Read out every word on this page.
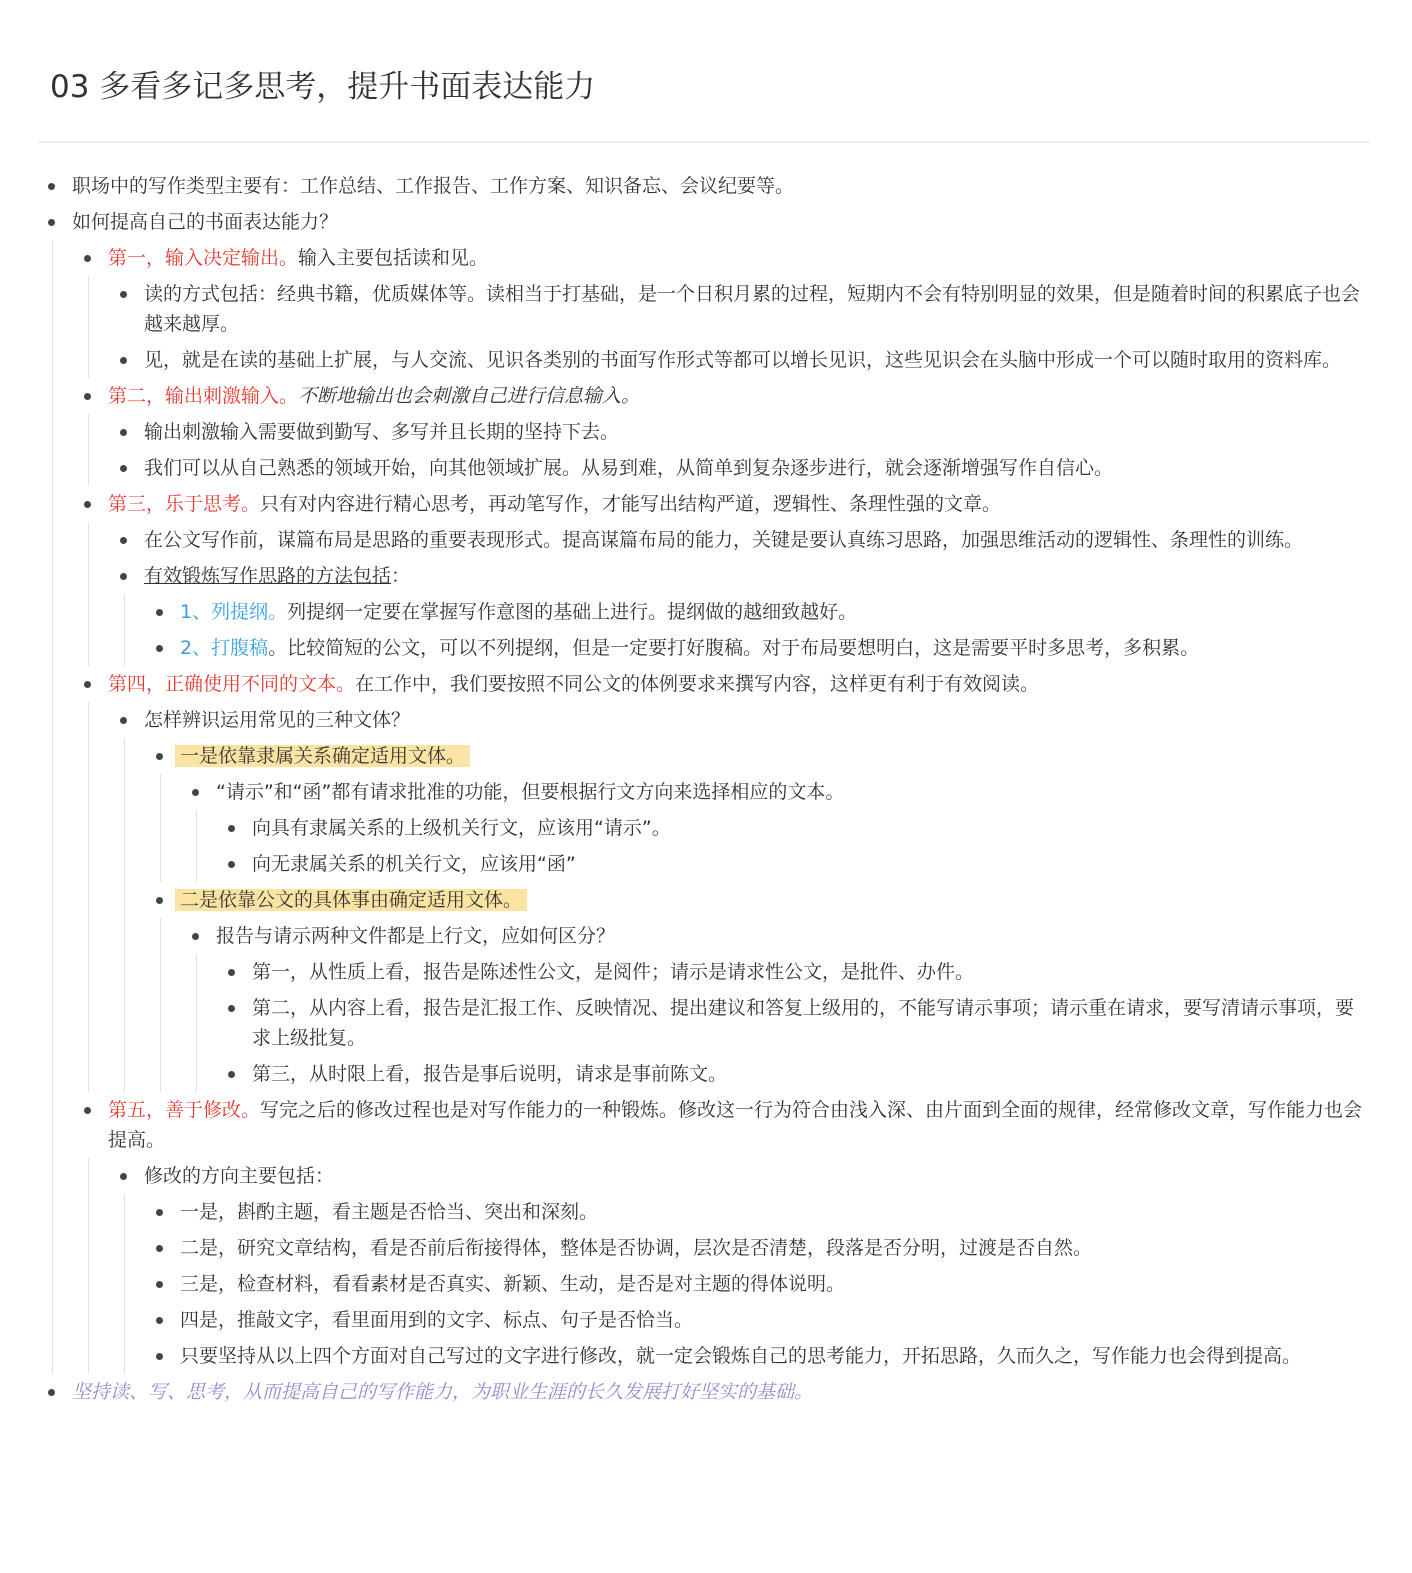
03 多看多记多思考，提升书面表达能力
职场中的写作类型主要有：工作总结、工作报告、工作方案、知识备忘、会议纪要等。
如何提高自己的书面表达能力？
第一，输入决定输出。输入主要包括读和见。
读的方式包括：经典书籍，优质媒体等。读相当于打基础，是一个日积月累的过程，短期内不会有特别明显的效果，但是随着时间的积累底子也会越来越厚。
见，就是在读的基础上扩展，与人交流、见识各类别的书面写作形式等都可以增长见识，这些见识会在头脑中形成一个可以随时取用的资料库。
第二，输出刺激输入。不断地输出也会刺激自己进行信息输入。
输出刺激输入需要做到勤写、多写并且长期的坚持下去。
我们可以从自己熟悉的领域开始，向其他领域扩展。从易到难，从简单到复杂逐步进行，就会逐渐增强写作自信心。
第三，乐于思考。只有对内容进行精心思考，再动笔写作，才能写出结构严道，逻辑性、条理性强的文章。
在公文写作前，谋篇布局是思路的重要表现形式。提高谋篇布局的能力，关键是要认真练习思路，加强思维活动的逻辑性、条理性的训练。
有效锻炼写作思路的方法包括：
1、列提纲。列提纲一定要在掌握写作意图的基础上进行。提纲做的越细致越好。
2、打腹稿。比较简短的公文，可以不列提纲，但是一定要打好腹稿。对于布局要想明白，这是需要平时多思考，多积累。
第四，正确使用不同的文本。在工作中，我们要按照不同公文的体例要求来撰写内容，这样更有利于有效阅读。
怎样辨识运用常见的三种文体？
一是依靠隶属关系确定适用文体。
“请示”和“函”都有请求批准的功能，但要根据行文方向来选择相应的文本。
向具有隶属关系的上级机关行文，应该用“请示”。
向无隶属关系的机关行文，应该用“函”
二是依靠公文的具体事由确定适用文体。
报告与请示两种文件都是上行文，应如何区分？
第一，从性质上看，报告是陈述性公文，是阅件；请示是请求性公文，是批件、办件。
第二，从内容上看，报告是汇报工作、反映情况、提出建议和答复上级用的，不能写请示事项；请示重在请求，要写清请示事项，要求上级批复。
第三，从时限上看，报告是事后说明，请求是事前陈文。
第五，善于修改。写完之后的修改过程也是对写作能力的一种锻炼。修改这一行为符合由浅入深、由片面到全面的规律，经常修改文章，写作能力也会提高。
修改的方向主要包括：
一是，斟酌主题，看主题是否恰当、突出和深刻。
二是，研究文章结构，看是否前后衔接得体，整体是否协调，层次是否清楚，段落是否分明，过渡是否自然。
三是，检查材料，看看素材是否真实、新颖、生动，是否是对主题的得体说明。
四是，推敲文字，看里面用到的文字、标点、句子是否恰当。
只要坚持从以上四个方面对自己写过的文字进行修改，就一定会锻炼自己的思考能力，开拓思路，久而久之，写作能力也会得到提高。
坚持读、写、思考，从而提高自己的写作能力，为职业生涯的长久发展打好坚实的基础。
